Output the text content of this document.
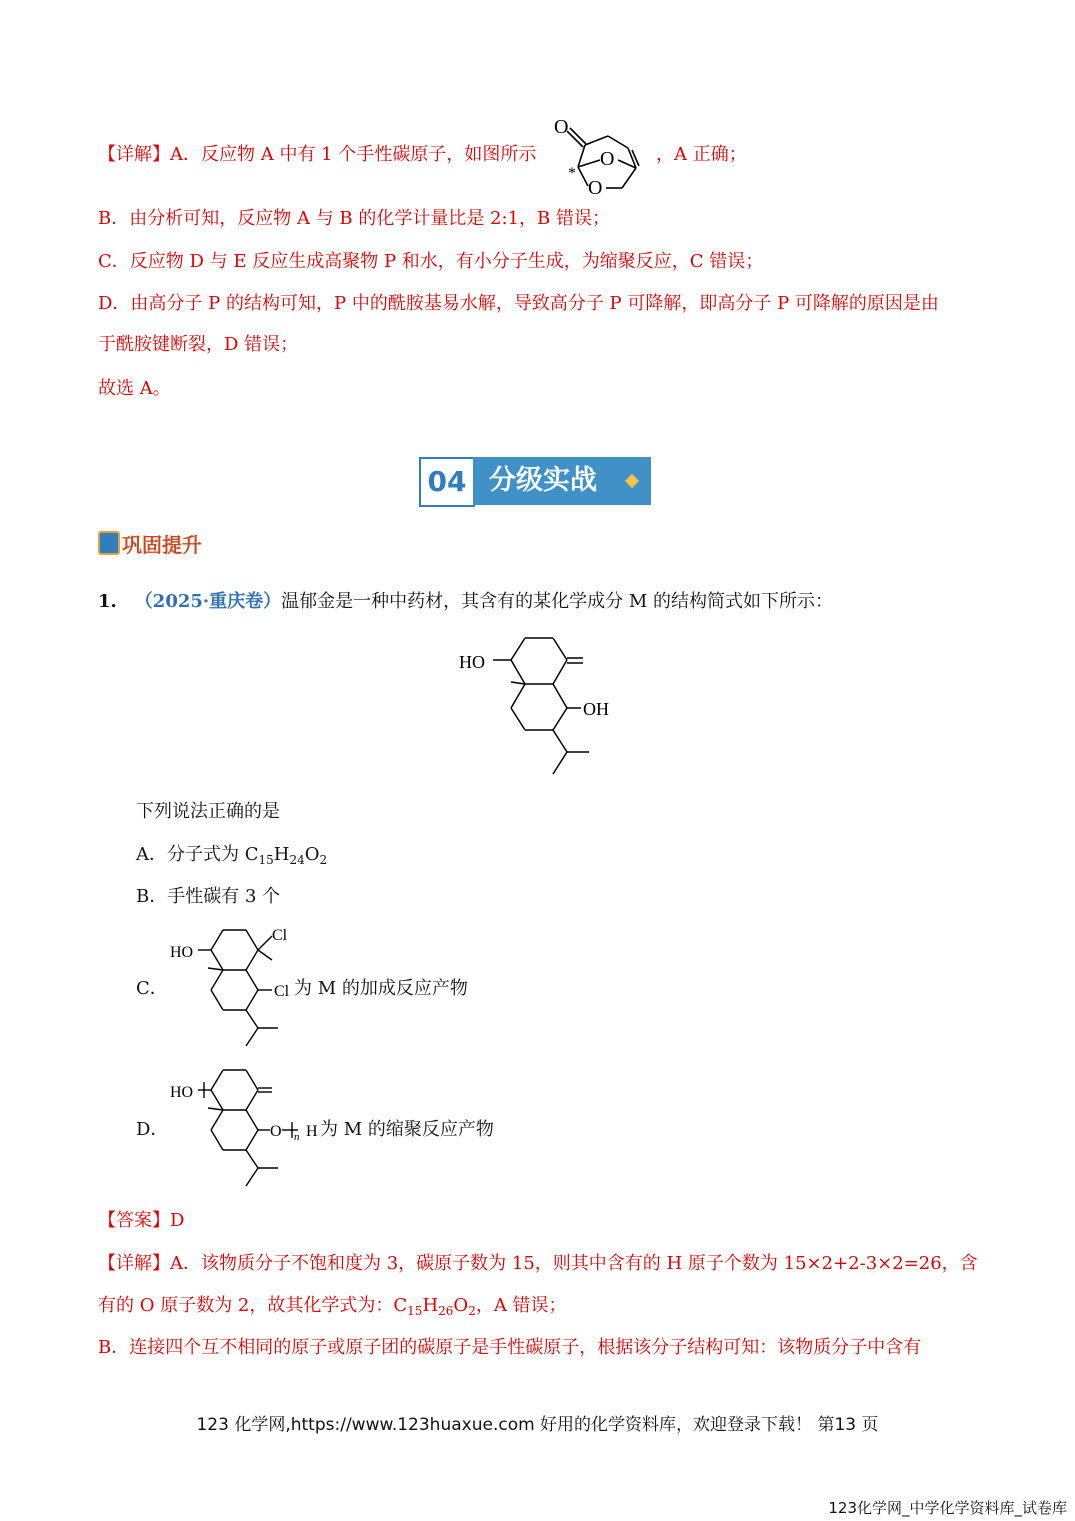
【详解】A．反应物 A 中有 1 个手性碳原子，如图所示
O
O
O
*
，A 正确；
B．由分析可知，反应物 A 与 B 的化学计量比是 2:1，B 错误；
C．反应物 D 与 E 反应生成高聚物 P 和水，有小分子生成，为缩聚反应，C 错误；
D．由高分子 P 的结构可知，P 中的酰胺基易水解，导致高分子 P 可降解，即高分子 P 可降解的原因是由
于酰胺键断裂，D 错误；
故选 A。
04 分级实战
巩固提升
1. （2025·重庆卷）温郁金是一种中药材，其含有的某化学成分 M 的结构简式如下所示：
HO
OH
下列说法正确的是
A．分子式为 $C_{15}H_{24}O_2$
B．手性碳有 3 个
C．
HO
Cl
Cl 为 M 的加成反应产物
D．
HO
O n H 为 M 的缩聚反应产物
【答案】D
【详解】A．该物质分子不饱和度为 3，碳原子数为 15，则其中含有的 H 原子个数为 15×2+2-3×2=26，含
有的 O 原子数为 2，故其化学式为：$C_{15}H_{26}O_2$，A 错误；
B．连接四个互不相同的原子或原子团的碳原子是手性碳原子，根据该分子结构可知：该物质分子中含有
123 化学网,https://www.123huaxue.com 好用的化学资料库，欢迎登录下载！ 第13 页
123化学网_中学化学资料库_试卷库
